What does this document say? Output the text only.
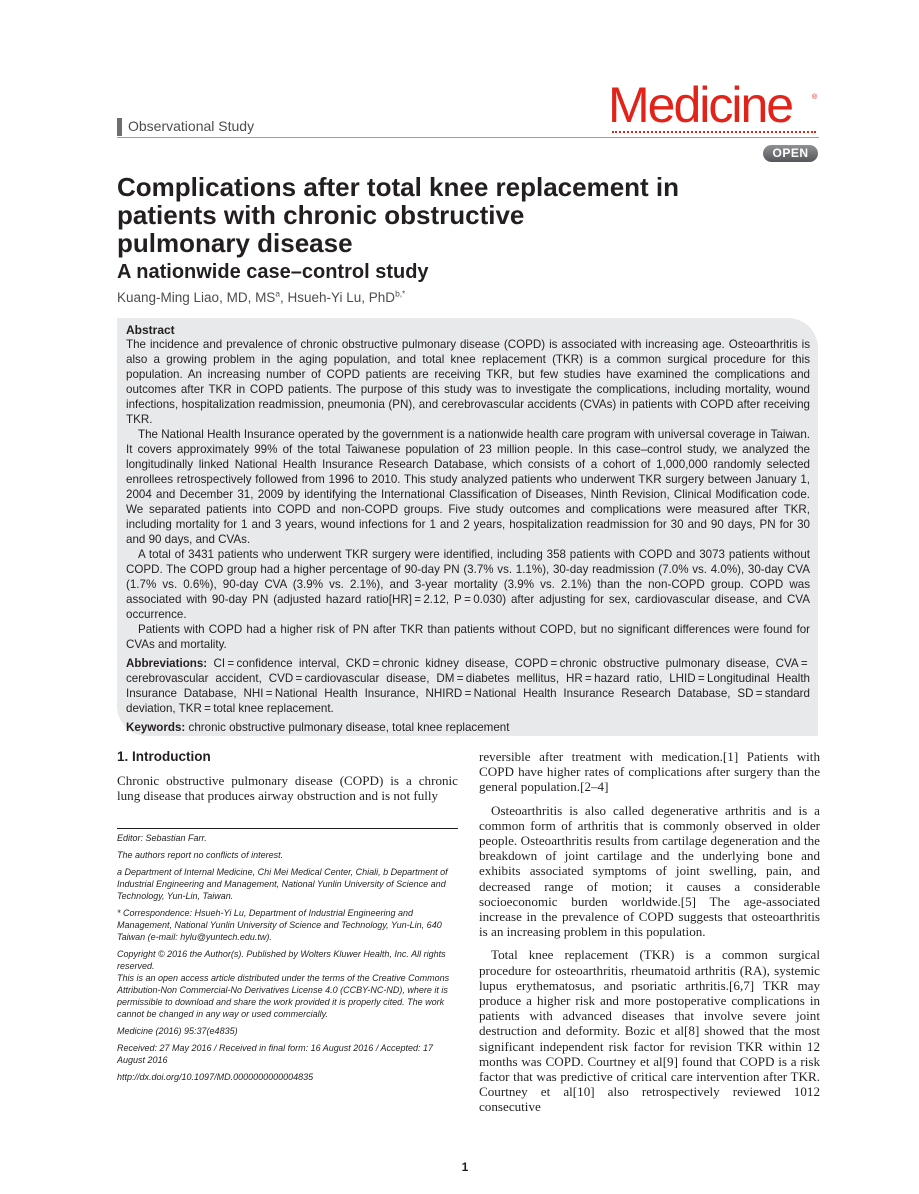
Observational Study	Medicine	®
OPEN
Complications after total knee replacement in
patients with chronic obstructive
pulmonary disease
A nationwide case–control study
Kuang-Ming Liao, MD, $MS^a$, Hsueh-Yi Lu, PhD$^{b,*}$
Abstract

The incidence and prevalence of chronic obstructive pulmonary disease (COPD) is associated with increasing age. Osteoarthritis is also a growing problem in the aging population, and total knee replacement (TKR) is a common surgical procedure for this population. An increasing number of COPD patients are receiving TKR, but few studies have examined the complications and outcomes after TKR in COPD patients. The purpose of this study was to investigate the complications, including mortality, wound infections, hospitalization readmission, pneumonia (PN), and cerebrovascular accidents (CVAs) in patients with COPD after receiving TKR.

The National Health Insurance operated by the government is a nationwide health care program with universal coverage in Taiwan. It covers approximately 99% of the total Taiwanese population of 23 million people. In this case–control study, we analyzed the longitudinally linked National Health Insurance Research Database, which consists of a cohort of 1,000,000 randomly selected enrollees retrospectively followed from 1996 to 2010. This study analyzed patients who underwent TKR surgery between January 1, 2004 and December 31, 2009 by identifying the International Classification of Diseases, Ninth Revision, Clinical Modification code. We separated patients into COPD and non-COPD groups. Five study outcomes and complications were measured after TKR, including mortality for 1 and 3 years, wound infections for 1 and 2 years, hospitalization readmission for 30 and 90 days, PN for 30 and 90 days, and CVAs.

A total of 3431 patients who underwent TKR surgery were identified, including 358 patients with COPD and 3073 patients without COPD. The COPD group had a higher percentage of 90-day PN (3.7% vs. 1.1%), 30-day readmission (7.0% vs. 4.0%), 30-day CVA (1.7% vs. 0.6%), 90-day CVA (3.9% vs. 2.1%), and 3-year mortality (3.9% vs. 2.1%) than the non-COPD group. COPD was associated with 90-day PN (adjusted hazard ratio[HR] = 2.12, P = 0.030) after adjusting for sex, cardiovascular disease, and CVA occurrence.

Patients with COPD had a higher risk of PN after TKR than patients without COPD, but no significant differences were found for CVAs and mortality.

Abbreviations: CI = confidence interval, CKD = chronic kidney disease, COPD = chronic obstructive pulmonary disease, CVA = cerebrovascular accident, CVD = cardiovascular disease, DM = diabetes mellitus, HR = hazard ratio, LHID = Longitudinal Health Insurance Database, NHI = National Health Insurance, NHIRD = National Health Insurance Research Database, SD = standard deviation, TKR = total knee replacement.

Keywords: chronic obstructive pulmonary disease, total knee replacement

1. Introduction

Chronic obstructive pulmonary disease (COPD) is a chronic lung disease that produces airway obstruction and is not fully

Editor: Sebastian Farr.

The authors report no conflicts of interest.

a Department of Internal Medicine, Chi Mei Medical Center, Chiali, b Department of Industrial Engineering and Management, National Yunlin University of Science and Technology, Yun-Lin, Taiwan.

* Correspondence: Hsueh-Yi Lu, Department of Industrial Engineering and Management, National Yunlin University of Science and Technology, Yun-Lin, 640 Taiwan (e-mail: hylu@yuntech.edu.tw).

Copyright © 2016 the Author(s). Published by Wolters Kluwer Health, Inc. All rights reserved.

This is an open access article distributed under the terms of the Creative Commons Attribution-Non Commercial-No Derivatives License 4.0 (CCBY-NC-ND), where it is permissible to download and share the work provided it is properly cited. The work cannot be changed in any way or used commercially.

Medicine (2016) 95:37(e4835)

Received: 27 May 2016 / Received in final form: 16 August 2016 / Accepted: 17 August 2016

http://dx.doi.org/10.1097/MD.0000000000004835

reversible after treatment with medication.[1] Patients with COPD have higher rates of complications after surgery than the general population.[2–4]

Osteoarthritis is also called degenerative arthritis and is a common form of arthritis that is commonly observed in older people. Osteoarthritis results from cartilage degeneration and the breakdown of joint cartilage and the underlying bone and exhibits associated symptoms of joint swelling, pain, and decreased range of motion; it causes a considerable socioeconomic burden worldwide.[5] The age-associated increase in the prevalence of COPD suggests that osteoarthritis is an increasing problem in this population.

Total knee replacement (TKR) is a common surgical procedure for osteoarthritis, rheumatoid arthritis (RA), systemic lupus erythematosus, and psoriatic arthritis.[6,7] TKR may produce a higher risk and more postoperative complications in patients with advanced diseases that involve severe joint destruction and deformity. Bozic et al[8] showed that the most significant independent risk factor for revision TKR within 12 months was COPD. Courtney et al[9] found that COPD is a risk factor that was predictive of critical care intervention after TKR. Courtney et al[10] also retrospectively reviewed 1012 consecutive

1
